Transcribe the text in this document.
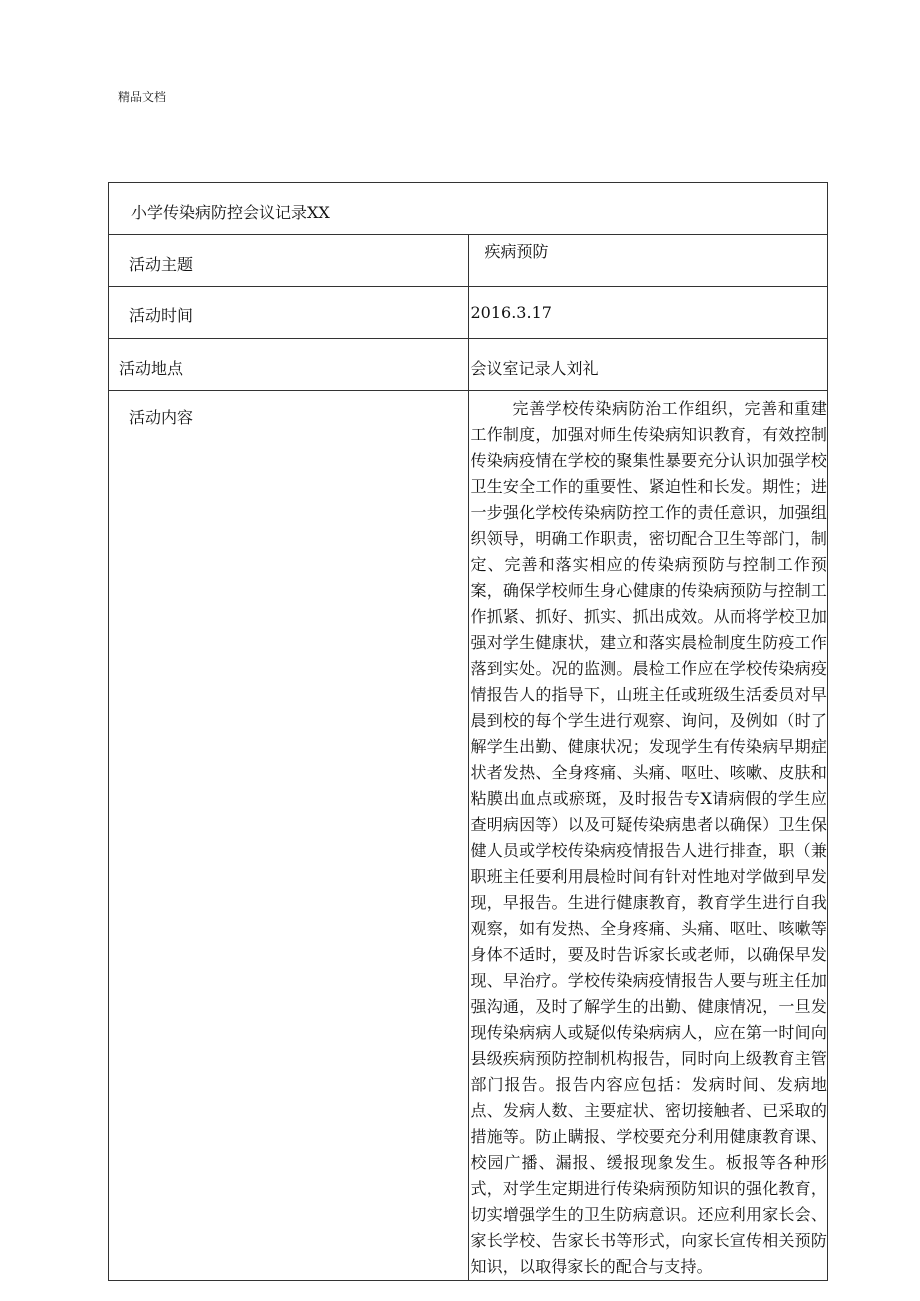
精品文档
小学传染病防控会议记录XX	
活动主题	疾病预防
活动时间	2016.3.17
活动地点	会议室记录人刘礼
活动内容	完善学校传染病防治工作组织，完善和重建工作制度，加强对师生传染病知识教育，有效控制传染病疫情在学校的聚集性暴要充分认识加强学校卫生安全工作的重要性、紧迫性和长发。期性；进一步强化学校传染病防控工作的责任意识，加强组织领导，明确工作职责，密切配合卫生等部门，制定、完善和落实相应的传染病预防与控制工作预案，确保学校师生身心健康的传染病预防与控制工作抓紧、抓好、抓实、抓出成效。从而将学校卫加强对学生健康状，建立和落实晨检制度生防疫工作落到实处。况的监测。晨检工作应在学校传染病疫情报告人的指导下，山班主任或班级生活委员对早晨到校的每个学生进行观察、询问，及例如（时了解学生出勤、健康状况；发现学生有传染病早期症状者发热、全身疼痛、头痛、呕吐、咳嗽、皮肤和粘膜出血点或瘀斑，及时报告专X请病假的学生应查明病因等）以及可疑传染病患者以确保）卫生保健人员或学校传染病疫情报告人进行排查，职（兼职班主任要利用晨检时间有针对性地对学做到早发现，早报告。生进行健康教育，教育学生进行自我观察，如有发热、全身疼痛、头痛、呕吐、咳嗽等身体不适时，要及时告诉家长或老师，以确保早发现、早治疗。学校传染病疫情报告人要与班主任加强沟通，及时了解学生的出勤、健康情况，一旦发现传染病病人或疑似传染病病人，应在第一时间向县级疾病预防控制机构报告，同时向上级教育主管部门报告。报告内容应包括：发病时间、发病地点、发病人数、主要症状、密切接触者、已采取的措施等。防止瞒报、学校要充分利用健康教育课、校园广播、漏报、缓报现象发生。板报等各种形式，对学生定期进行传染病预防知识的强化教育，切实增强学生的卫生防病意识。还应利用家长会、家长学校、告家长书等形式，向家长宣传相关预防知识，以取得家长的配合与支持。
